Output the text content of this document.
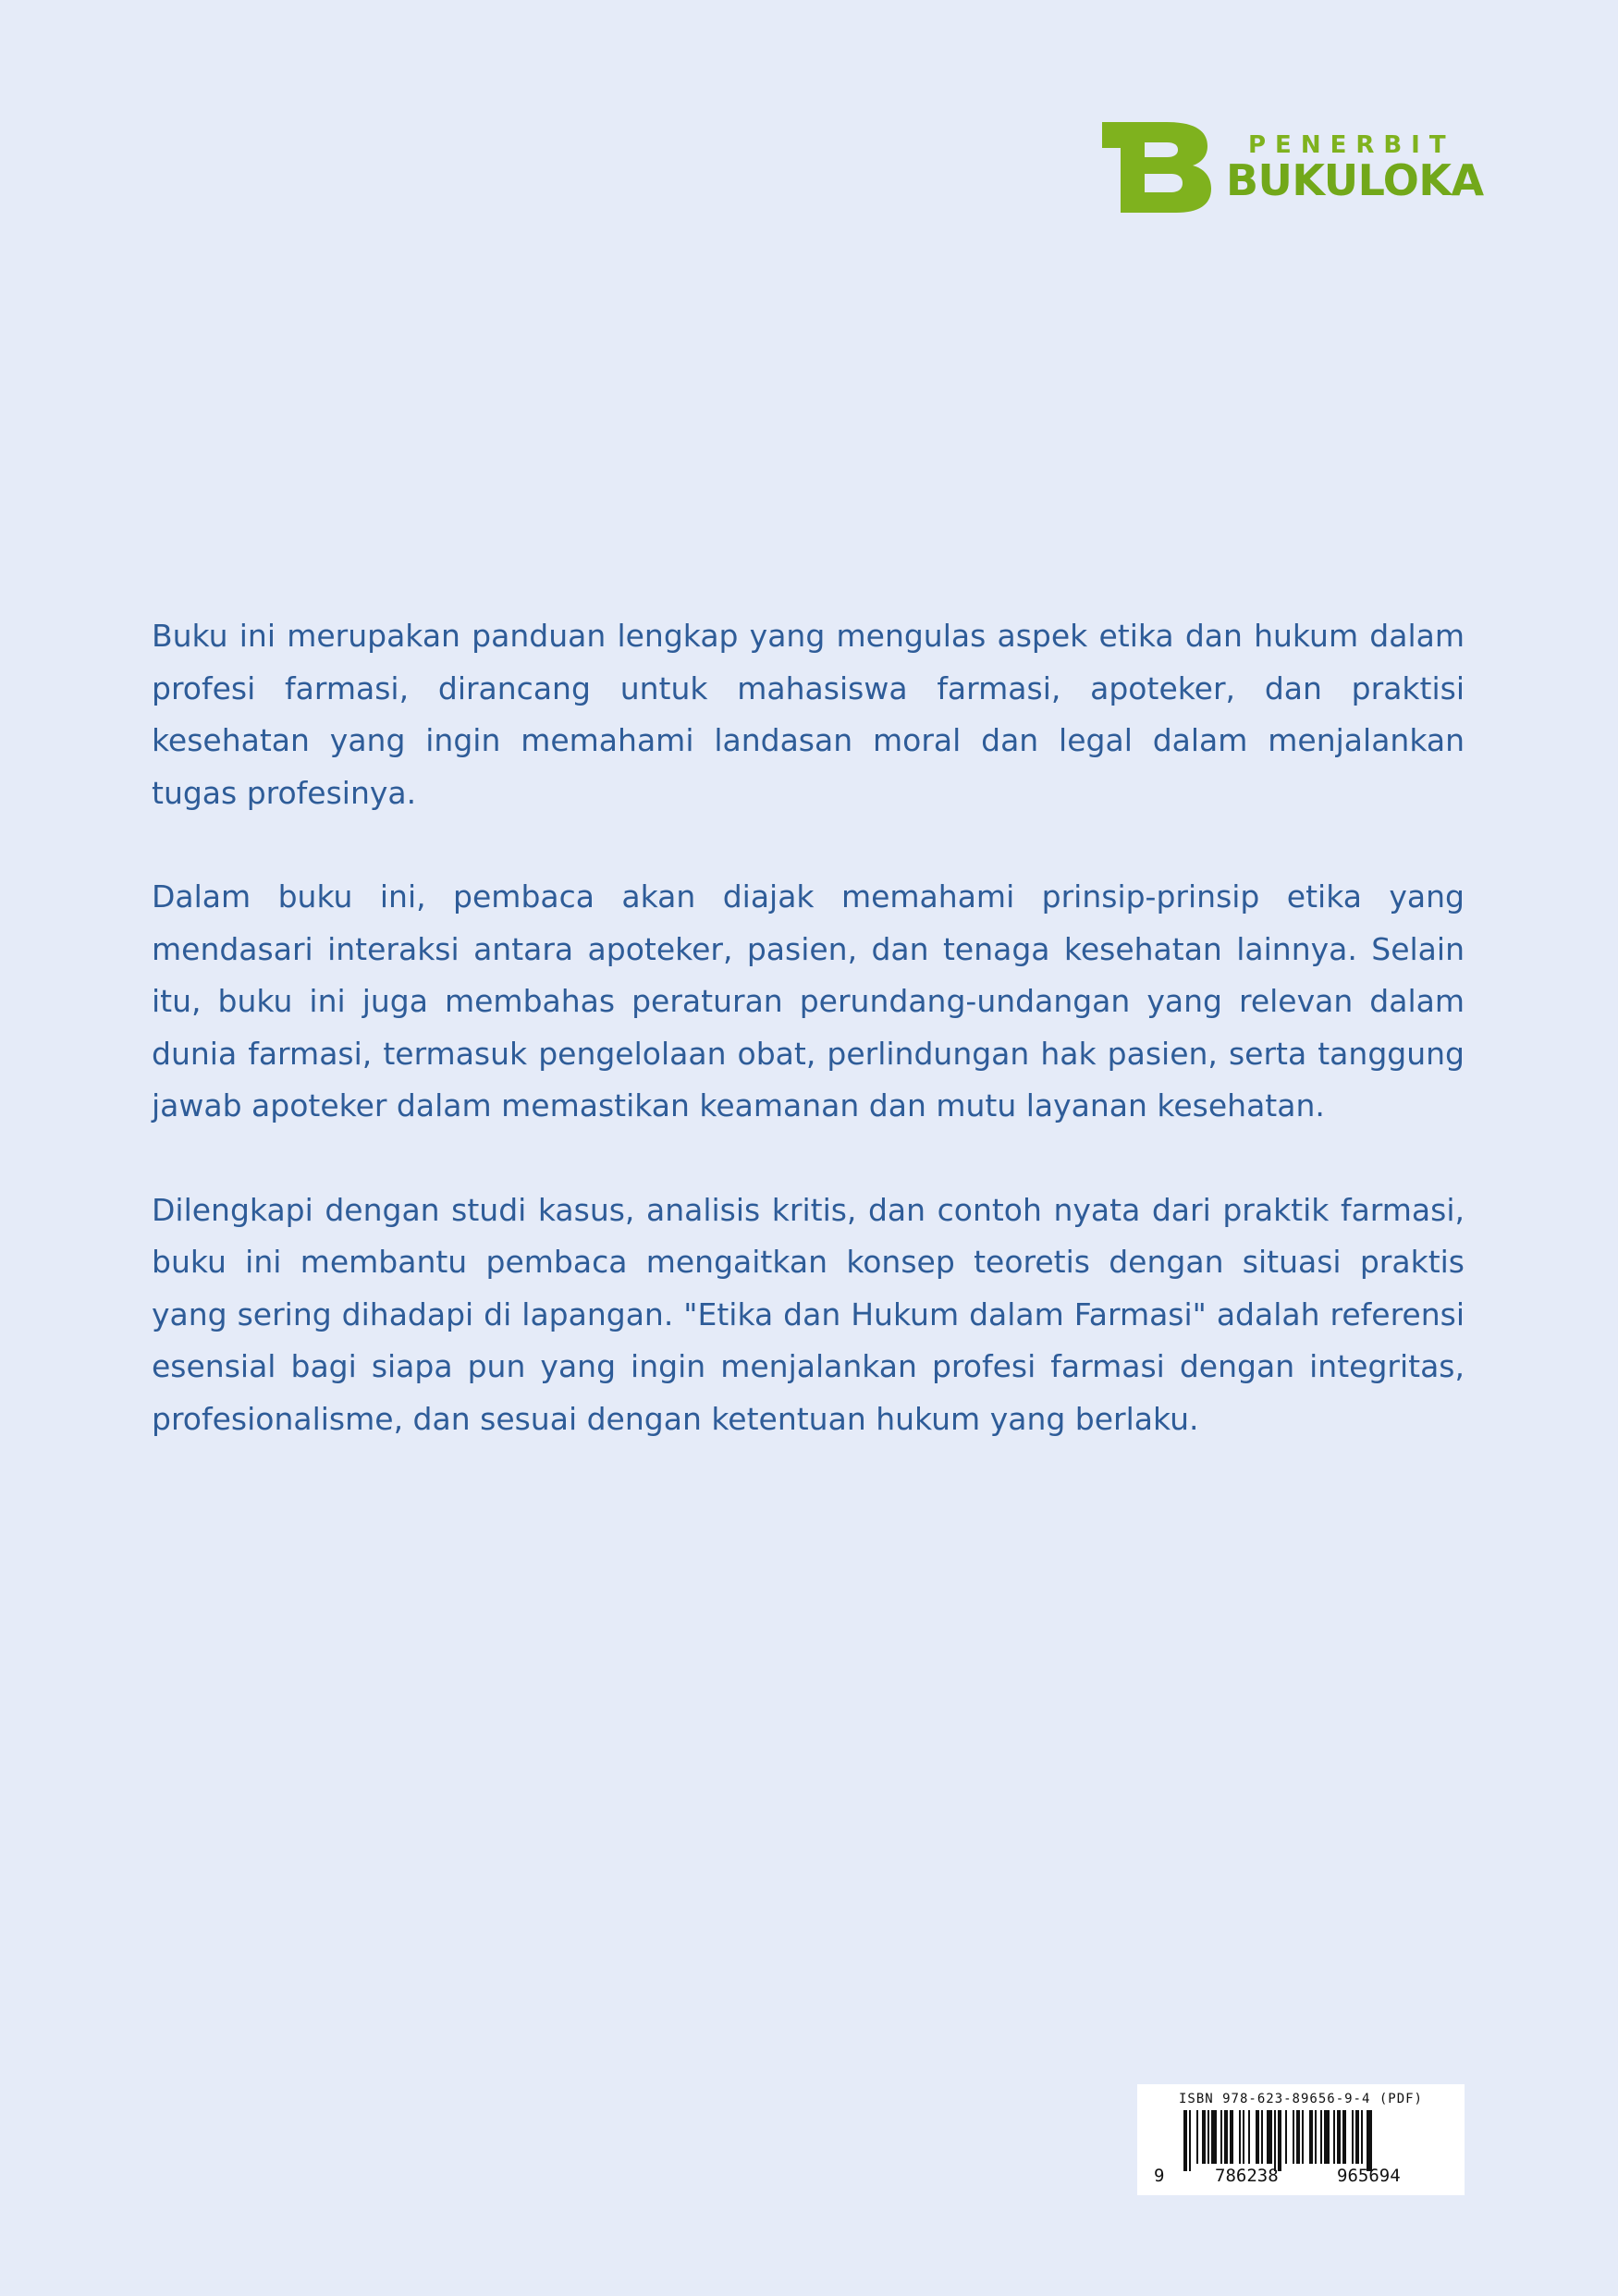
PENERBIT
BUKULOKA

Buku ini merupakan panduan lengkap yang mengulas aspek etika dan hukum dalam profesi farmasi, dirancang untuk mahasiswa farmasi, apoteker, dan praktisi kesehatan yang ingin memahami landasan moral dan legal dalam menjalankan tugas profesinya.

Dalam buku ini, pembaca akan diajak memahami prinsip-prinsip etika yang mendasari interaksi antara apoteker, pasien, dan tenaga kesehatan lainnya. Selain itu, buku ini juga membahas peraturan perundang-undangan yang relevan dalam dunia farmasi, termasuk pengelolaan obat, perlindungan hak pasien, serta tanggung jawab apoteker dalam memastikan keamanan dan mutu layanan kesehatan.

Dilengkapi dengan studi kasus, analisis kritis, dan contoh nyata dari praktik farmasi, buku ini membantu pembaca mengaitkan konsep teoretis dengan situasi praktis yang sering dihadapi di lapangan. "Etika dan Hukum dalam Farmasi" adalah referensi esensial bagi siapa pun yang ingin menjalankan profesi farmasi dengan integritas, profesionalisme, dan sesuai dengan ketentuan hukum yang berlaku.

ISBN 978-623-89656-9-4 (PDF)
9	786238	965694
